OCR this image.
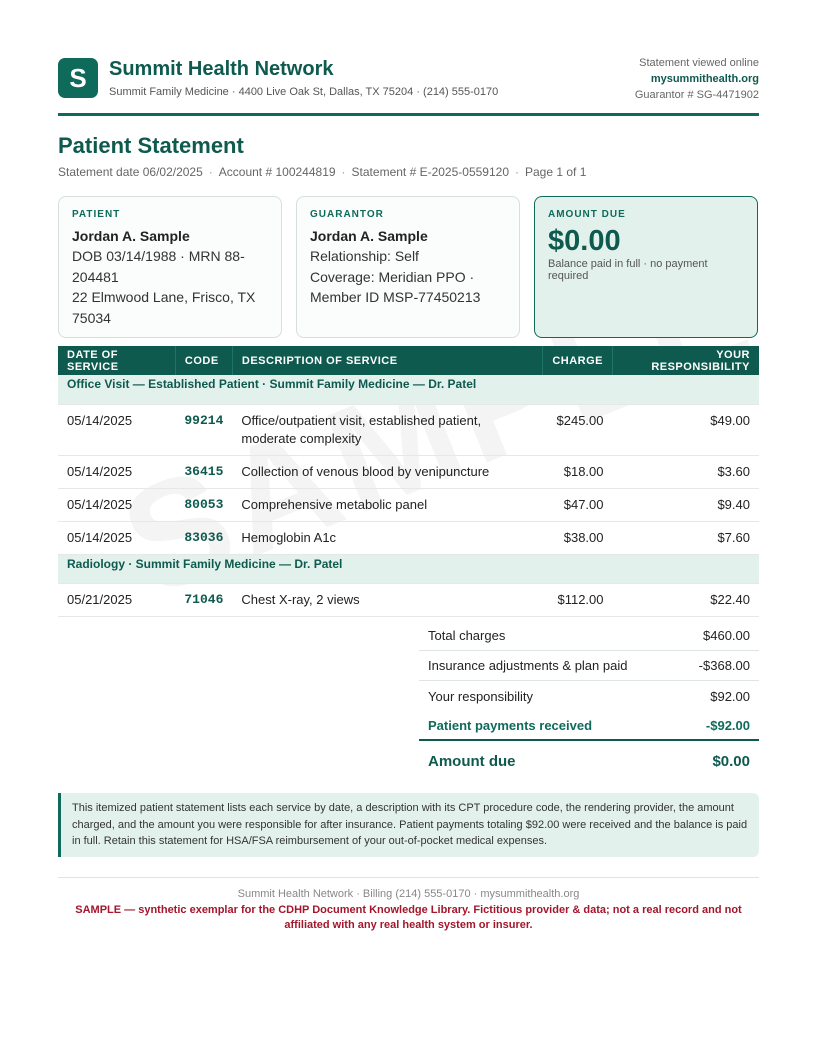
S	Summit Health Network
Summit Family Medicine · 4400 Live Oak St, Dallas, TX 75204 · (214) 555-0170
Statement viewed online
mysummithealth.org
Guarantor # SG-4471902
Patient Statement
Statement date 06/02/2025 · Account # 100244819 · Statement # E-2025-0559120 · Page 1 of 1
PATIENT
Jordan A. Sample
DOB 03/14/1988 · MRN 88-204481
22 Elmwood Lane, Frisco, TX 75034
GUARANTOR
Jordan A. Sample
Relationship: Self
Coverage: Meridian PPO · Member ID MSP-77450213
AMOUNT DUE
$0.00
Balance paid in full · no payment required
DATE OF SERVICE	CODE	DESCRIPTION OF SERVICE	CHARGE	YOUR RESPONSIBILITY
Office Visit — Established Patient · Summit Family Medicine — Dr. Patel				
05/14/2025	99214	Office/outpatient visit, established patient, moderate complexity	$245.00	$49.00
05/14/2025	36415	Collection of venous blood by venipuncture	$18.00	$3.60
05/14/2025	80053	Comprehensive metabolic panel	$47.00	$9.40
05/14/2025	83036	Hemoglobin A1c	$38.00	$7.60
Radiology · Summit Family Medicine — Dr. Patel				
05/21/2025	71046	Chest X-ray, 2 views	$112.00	$22.40
Total charges	$460.00
Insurance adjustments & plan paid	-$368.00
Your responsibility	$92.00
Patient payments received	-$92.00
Amount due	$0.00
This itemized patient statement lists each service by date, a description with its CPT procedure code, the rendering provider, the amount charged, and the amount you were responsible for after insurance. Patient payments totaling $92.00 were received and the balance is paid in full. Retain this statement for HSA/FSA reimbursement of your out-of-pocket medical expenses.
Summit Health Network · Billing (214) 555-0170 · mysummithealth.org
SAMPLE — synthetic exemplar for the CDHP Document Knowledge Library. Fictitious provider & data; not a real record and not affiliated with any real health system or insurer.
